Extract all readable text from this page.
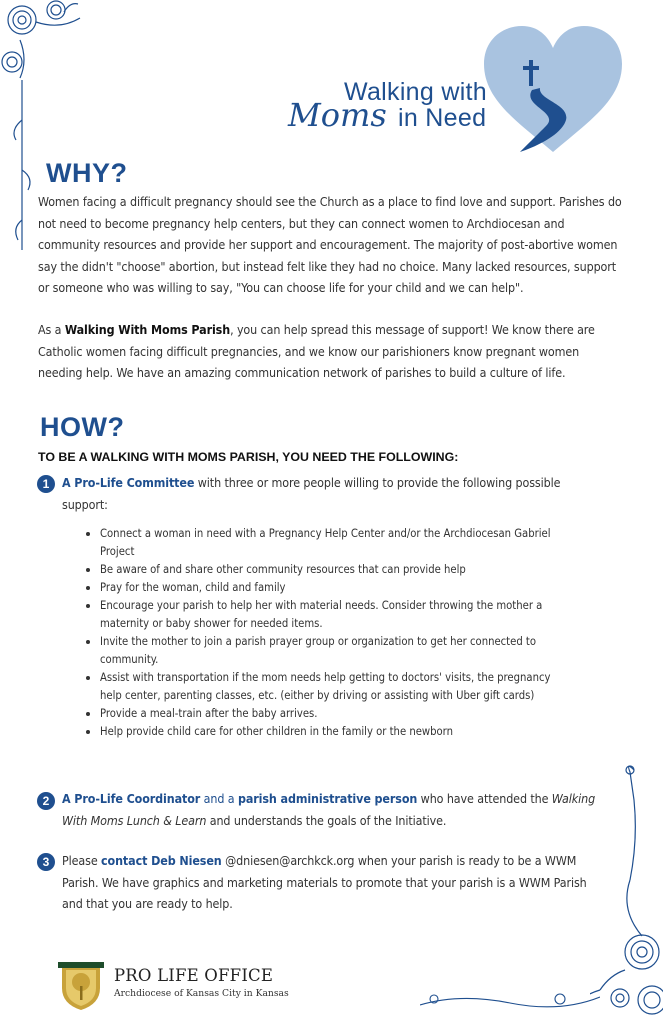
Walking with
Moms in Need
WHY?

Women facing a difficult pregnancy should see the Church as a place to find love and support. Parishes do not need to become pregnancy help centers, but they can connect women to Archdiocesan and community resources and provide her support and encouragement. The majority of post-abortive women say the didn't "choose" abortion, but instead felt like they had no choice. Many lacked resources, support or someone who was willing to say, "You can choose life for your child and we can help".

As a Walking With Moms Parish, you can help spread this message of support! We know there are Catholic women facing difficult pregnancies, and we know our parishioners know pregnant women needing help. We have an amazing communication network of parishes to build a culture of life.

HOW?
TO BE A WALKING WITH MOMS PARISH, YOU NEED THE FOLLOWING:
1	A Pro-Life Committee with three or more people willing to provide the following possible support:

Connect a woman in need with a Pregnancy Help Center and/or the Archdiocesan Gabriel Project
Be aware of and share other community resources that can provide help
Pray for the woman, child and family
Encourage your parish to help her with material needs. Consider throwing the mother a maternity or baby shower for needed items.
Invite the mother to join a parish prayer group or organization to get her connected to community.
Assist with transportation if the mom needs help getting to doctors' visits, the pregnancy help center, parenting classes, etc. (either by driving or assisting with Uber gift cards)
Provide a meal-train after the baby arrives.
Help provide child care for other children in the family or the newborn
2	A Pro-Life Coordinator and a parish administrative person who have attended the Walking With Moms Lunch & Learn and understands the goals of the Initiative.

3	Please contact Deb Niesen @dniesen@archkck.org when your parish is ready to be a WWM Parish. We have graphics and marketing materials to promote that your parish is a WWM Parish and that you are ready to help.

PRO LIFE OFFICE
Archdiocese of Kansas City in Kansas
